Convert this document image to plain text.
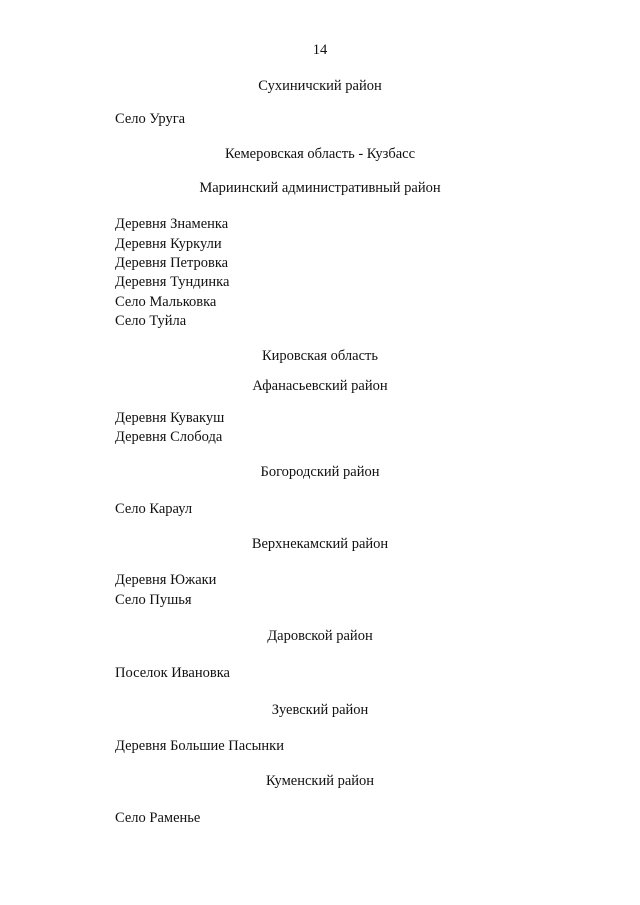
14
Сухиничский район
Село Уруга
Кемеровская область - Кузбасс
Мариинский административный район
Деревня Знаменка
Деревня Куркули
Деревня Петровка
Деревня Тундинка
Село Мальковка
Село Туйла
Кировская область
Афанасьевский район
Деревня Кувакуш
Деревня Слобода
Богородский район
Село Караул
Верхнекамский район
Деревня Южаки
Село Пушья
Даровской район
Поселок Ивановка
Зуевский район
Деревня Большие Пасынки
Куменский район
Село Раменье
